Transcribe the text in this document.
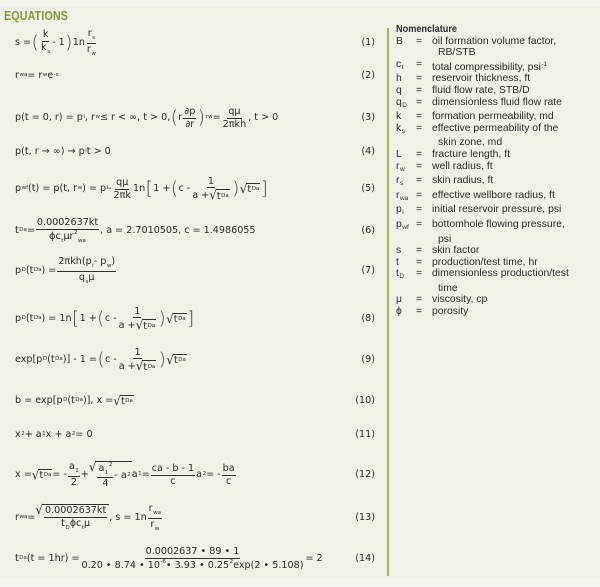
EQUATIONS
s = ( $\frac{k}{k_s} - 1$ ) $1n \frac{r_s}{r_w}$	(1)
r wa = r w e -s	(2)
p(t = 0, r) = p i , r w ≤ r < ∞, t > 0, ( r $\frac{\partial p}{\partial r}$ ) rw = $\frac{q\mu}{\text{2πkh}}$ , t > 0	(3)
p(t, r → ∞) → p i t > 0	(4)
p wf (t) = p(t, r w ) = p i - $\frac{q\mu}{2\pi k} 1n$ [ 1 + ( c - $\frac{1}{\text{a + √ t Da}}$ ) √ t Da ]	(5)
t $Da = \frac{0.0002637kt}{\phi c_t\mu r^2_{wa}}$ , a = 2.7010505, c = 1.4986055	(6)
p D (t Da ) = $\frac{2\pi kh(p_i- p_w)}{q_s\mu}$	(7)
p D (t Da ) = 1n [ 1 + ( c - $\frac{1}{\text{a + √ t Da}}$ ) √ t Da ]	(8)
exp[p D (t Da )] - 1 = ( c - $\frac{1}{\text{a + √ t Da}}$ ) √ t Da	(9)
b = exp[p D (t Da )], x = √ t Da	(10)
x 2 + a 1 x + a 2 = 0	(11)
x = √ t Da = - $\frac{a_1}{2}$ +
√ $\frac{a_1^2}{4}$ - a 2 a $1 = \frac{ca - b - 1}{c}$ a 2 = - $\frac{ba}{c}$	(12)
r wa =
√ $\frac{0.0002637kt}{t_D\phi c_t\mu}$ , $s = 1n \frac{r_{wa}}{r_w}$	(13)
t Da $(t = 1hr) = \frac{0.0002637 • 89 • 1}{0.20 • 8.74 • 10^{-6}• 3.93 • 0.25^2\exp(2 • 5.108)} = 2$	(14)
Nomenclature
B	= oil formation volume factor,
RB/STB
$c_t$	= total compressibility, psi$^{-1}$
h	= reservoir thickness, ft
q	= fluid flow rate, STB/D
$q_D$ = dimensionless fluid flow rate
k	= formation permeability, md
$k_s$	= effective permeability of the
skin zone, md
L	= fracture length, ft
$r_w$	= well radius, ft
$r_s$	= skin radius, ft
$r_{wa}$ = effective wellbore radius, ft
$p_i$	= initial reservoir pressure, psi
$p_{wf}$ = bottomhole flowing pressure,
psi
s	= skin factor
t	= production/test time, hr
$t_D$	= dimensionless production/test
time
μ	= viscosity, cp
ϕ	= porosity
